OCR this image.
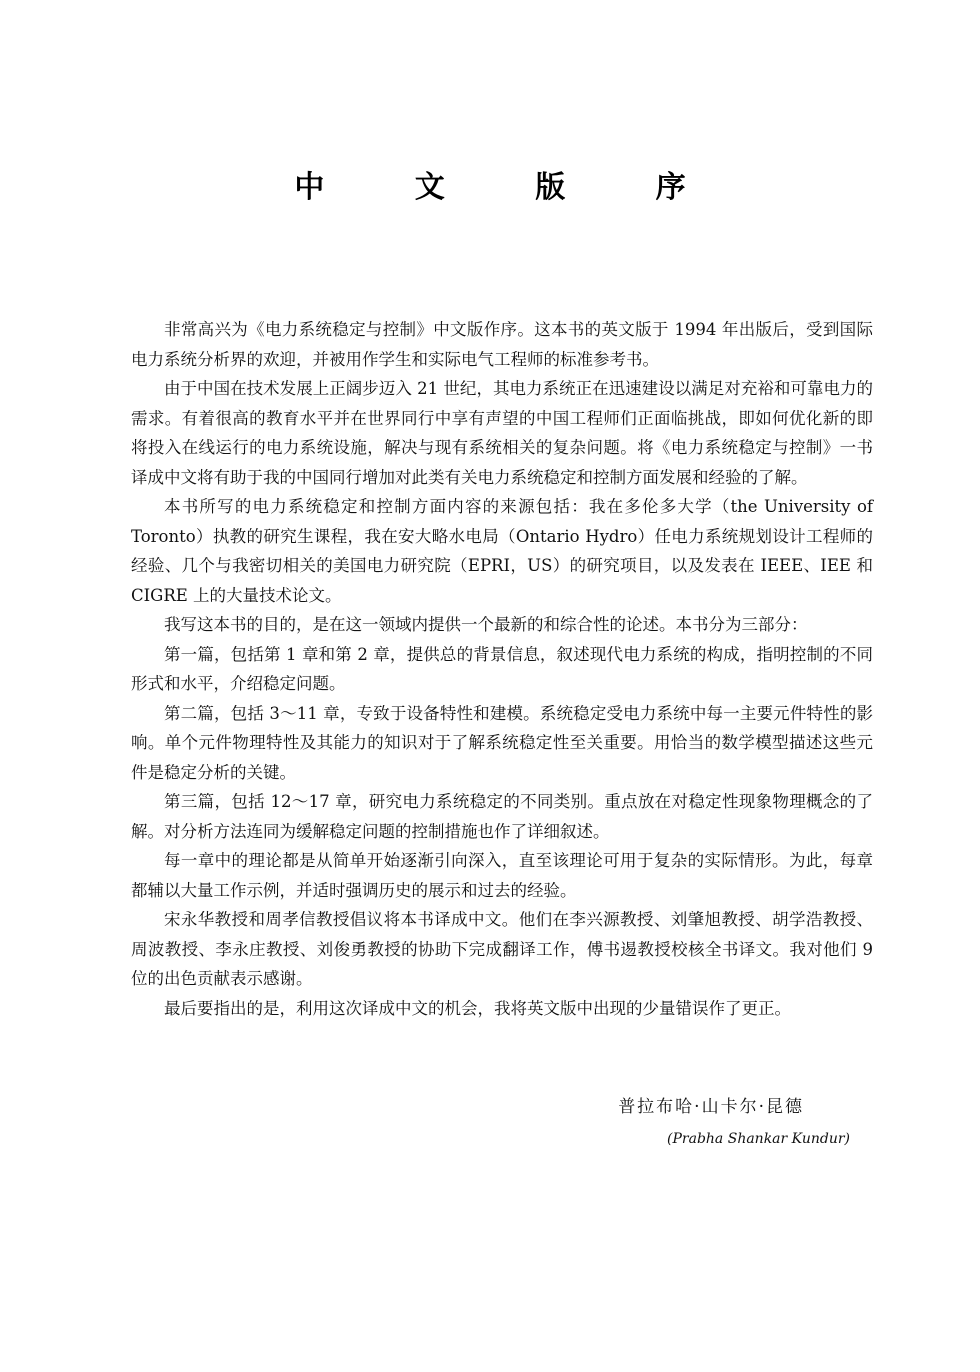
中 文 版 序

非常高兴为《电力系统稳定与控制》中文版作序。这本书的英文版于 1994 年出版后，受到国际电力系统分析界的欢迎，并被用作学生和实际电气工程师的标准参考书。

由于中国在技术发展上正阔步迈入 21 世纪，其电力系统正在迅速建设以满足对充裕和可靠电力的需求。有着很高的教育水平并在世界同行中享有声望的中国工程师们正面临挑战，即如何优化新的即将投入在线运行的电力系统设施，解决与现有系统相关的复杂问题。将《电力系统稳定与控制》一书译成中文将有助于我的中国同行增加对此类有关电力系统稳定和控制方面发展和经验的了解。

本书所写的电力系统稳定和控制方面内容的来源包括：我在多伦多大学（the University of Toronto）执教的研究生课程，我在安大略水电局（Ontario Hydro）任电力系统规划设计工程师的经验、几个与我密切相关的美国电力研究院（EPRI，US）的研究项目，以及发表在 IEEE、IEE 和 CIGRE 上的大量技术论文。

我写这本书的目的，是在这一领域内提供一个最新的和综合性的论述。本书分为三部分：

第一篇，包括第 1 章和第 2 章，提供总的背景信息，叙述现代电力系统的构成，指明控制的不同形式和水平，介绍稳定问题。

第二篇，包括 3～11 章，专致于设备特性和建模。系统稳定受电力系统中每一主要元件特性的影响。单个元件物理特性及其能力的知识对于了解系统稳定性至关重要。用恰当的数学模型描述这些元件是稳定分析的关键。

第三篇，包括 12～17 章，研究电力系统稳定的不同类别。重点放在对稳定性现象物理概念的了解。对分析方法连同为缓解稳定问题的控制措施也作了详细叙述。

每一章中的理论都是从简单开始逐渐引向深入，直至该理论可用于复杂的实际情形。为此，每章都辅以大量工作示例，并适时强调历史的展示和过去的经验。

宋永华教授和周孝信教授倡议将本书译成中文。他们在李兴源教授、刘肇旭教授、胡学浩教授、周波教授、李永庄教授、刘俊勇教授的协助下完成翻译工作，傅书逷教授校核全书译文。我对他们 9 位的出色贡献表示感谢。

最后要指出的是，利用这次译成中文的机会，我将英文版中出现的少量错误作了更正。

普拉布哈·山卡尔·昆德
(Prabha Shankar Kundur)
